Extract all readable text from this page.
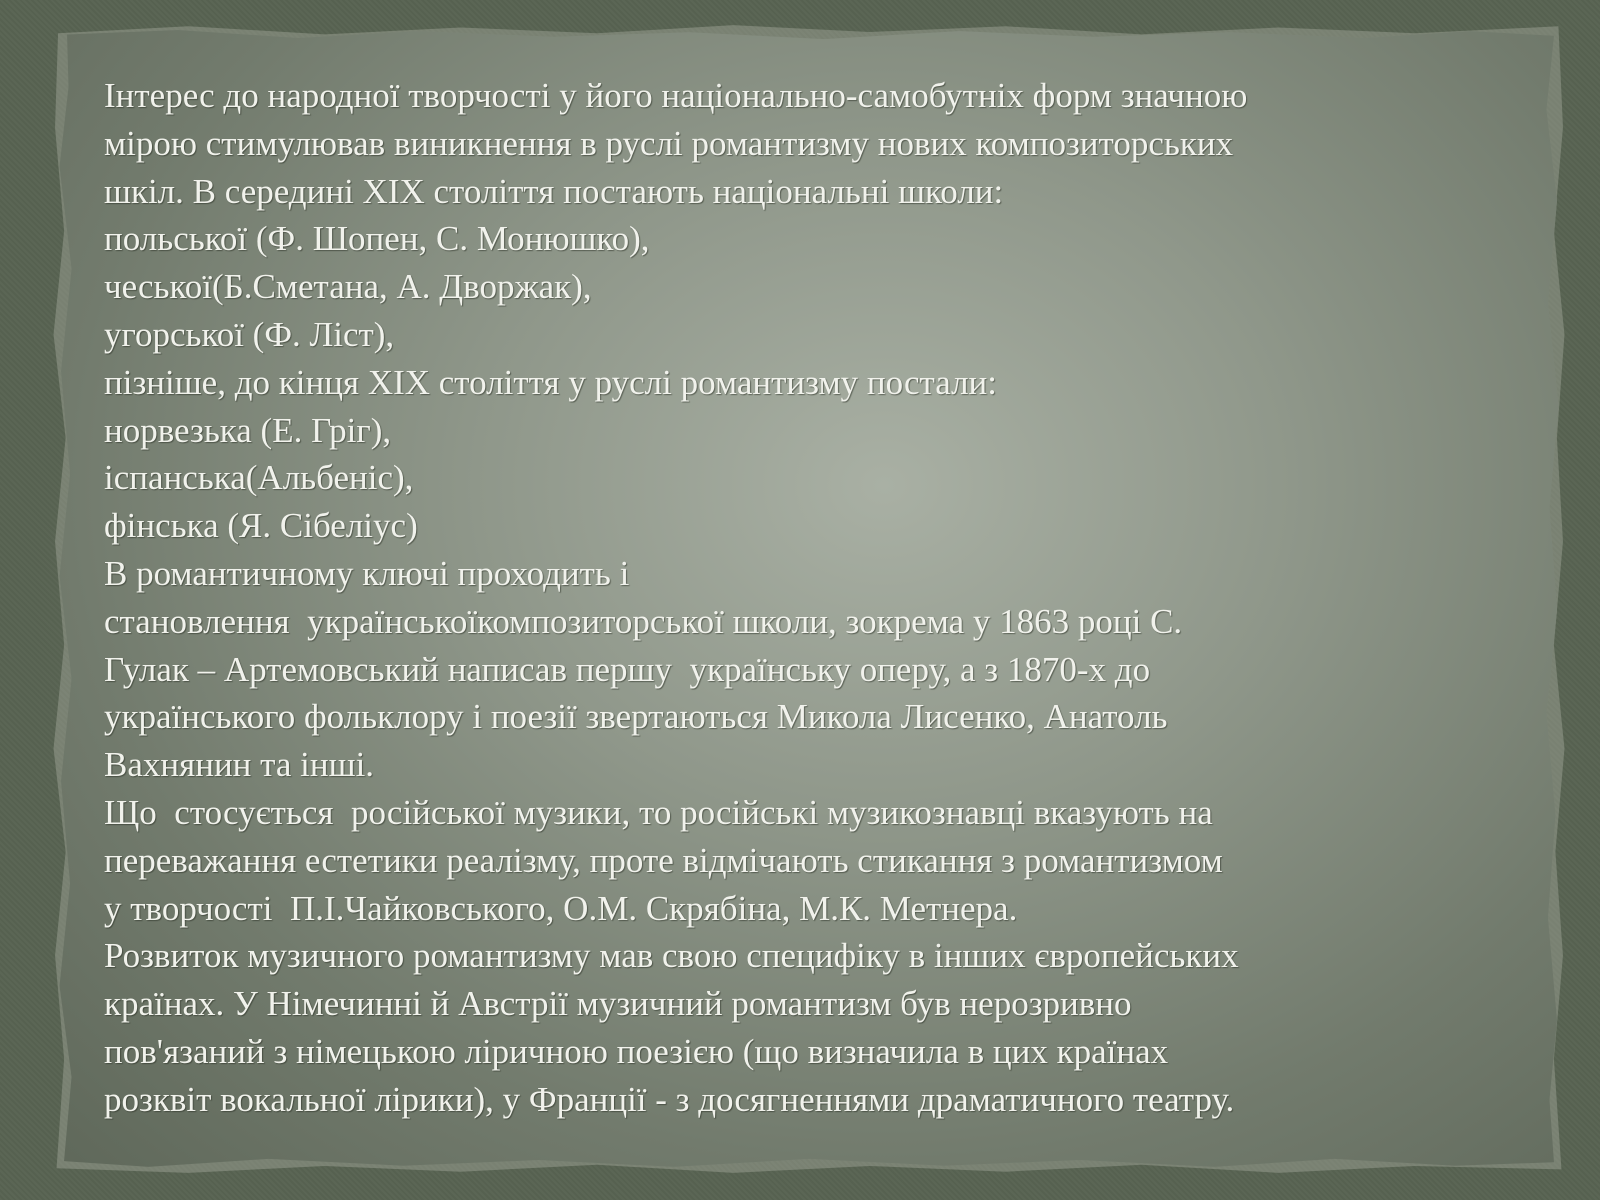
Інтерес до народної творчості у його національно-самобутніх форм значною
мірою стимулював виникнення в руслі романтизму нових композиторських
шкіл. В середині XIX століття постають національні школи:
польської (Ф. Шопен, С. Монюшко),
чеської(Б.Сметана, А. Дворжак),
угорської (Ф. Ліст),
пізніше, до кінця XIX століття у руслі романтизму постали:
норвезька (Е. Гріг),
іспанська(Альбеніс),
фінська (Я. Сібеліус)
В романтичному ключі проходить і
становлення  українськоїкомпозиторської школи, зокрема у 1863 році С.
Гулак – Артемовський написав першу  українську оперу, а з 1870-х до
українського фольклору і поезії звертаються Микола Лисенко, Анатоль
Вахнянин та інші.
Що  стосується  російської музики, то російські музикознавці вказують на
переважання естетики реалізму, проте відмічають стикання з романтизмом
у творчості  П.І.Чайковського, О.М. Скрябіна, М.К. Метнера.
Розвиток музичного романтизму мав свою специфіку в інших європейських
країнах. У Німечинні й Австрії музичний романтизм був нерозривно
пов'язаний з німецькою ліричною поезією (що визначила в цих країнах
розквіт вокальної лірики), у Франції - з досягненнями драматичного театру.
